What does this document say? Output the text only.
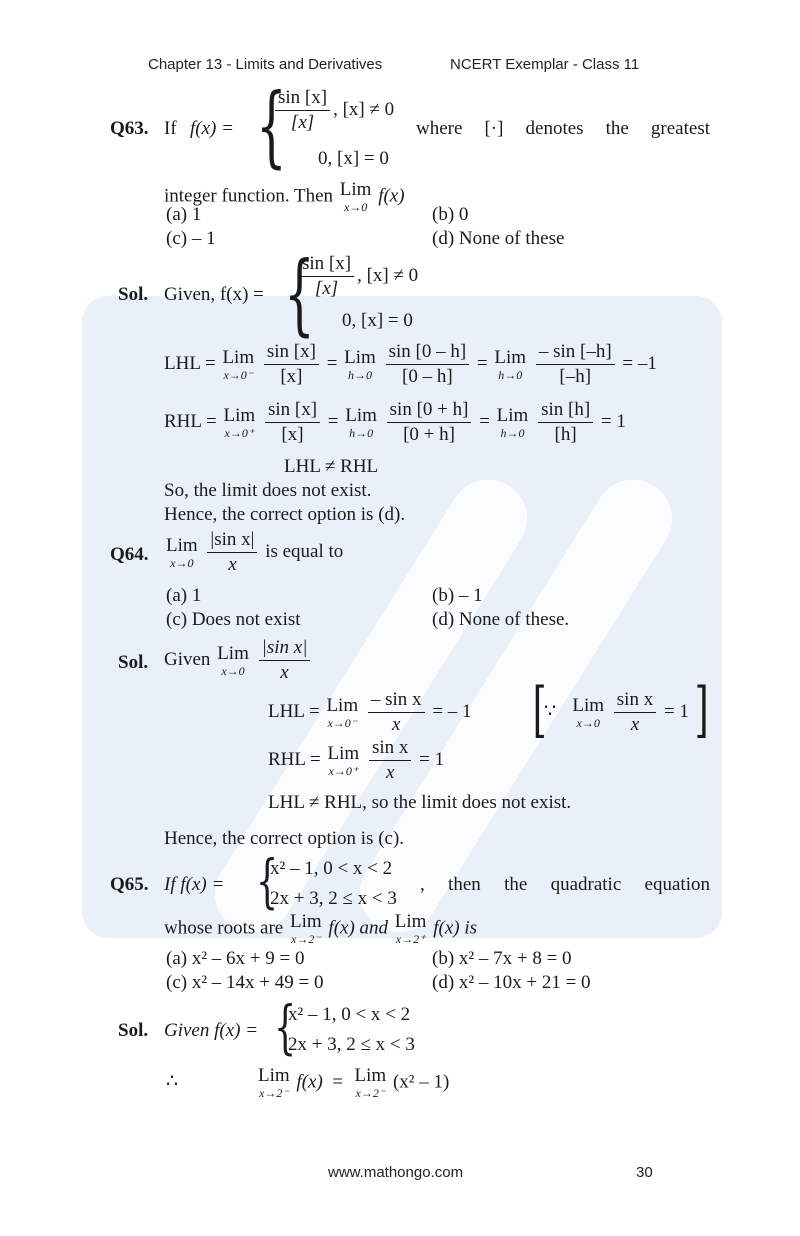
Chapter 13 - Limits and Derivatives	NCERT Exemplar - Class 11
Q63. If f(x) = {
$\frac{\sin [x]}{[x]}$ , [x] ≠ 0
0, [x] = 0
where [·] denotes the greatest
integer function. Then Lim
x→0
f(x)
(a) 1	(b) 0
(c) – 1	(d) None of these
Sol. Given, f(x) = {
$\frac{\sin [x]}{[x]}$ , [x] ≠ 0
0, [x] = 0
LHL = Lim
x→0⁻
$\frac{\sin [x]}{[x]}$ = Lim
h→0
$\frac{\sin [0 - h]}{[0 - h]}$ = Lim
h→0
$\frac{- \sin [-h]}{[-h]} = -1$
RHL = Lim
x→0⁺
$\frac{\sin [x]}{[x]}$ = Lim
h→0
$\frac{\sin [0 + h]}{[0 + h]}$ = Lim
h→0
$\frac{\sin [h]}{[h]} = 1$
LHL ≠ RHL
So, the limit does not exist.
Hence, the correct option is (d).
Q64. Lim
x→0
$\frac{\text{|sin x|}}{x}$ is equal to
(a) 1	(b) – 1
(c) Does not exist	(d) None of these.
Sol. Given Lim
x→0
$\frac{\text{|sin x|}}{x}$
LHL = Lim
x→0⁻
$\frac{\text{– sin x}}{x}$ = – 1 [
∵ Lim
x→0
$\frac{\text{sin x}}{x} = 1$ ]
RHL = Lim
x→0⁺
$\frac{\text{sin x}}{x} = 1$
LHL ≠ RHL, so the limit does not exist.
Hence, the correct option is (c).
Q65. If f(x) = {
x² – 1, 0 < x < 2
2x + 3, 2 ≤ x < 3
, then the quadratic equation
whose roots are Lim
x→2⁻
f(x) and Lim
x→2⁺
f(x) is
(a) x² – 6x + 9 = 0	(b) x² – 7x + 8 = 0
(c) x² – 14x + 49 = 0	(d) x² – 10x + 21 = 0
Sol. Given f(x) = {
x² – 1, 0 < x < 2
2x + 3, 2 ≤ x < 3
∴	Lim
x→2⁻
f(x) = Lim
x→2⁻
(x² – 1)
www.mathongo.com	30
